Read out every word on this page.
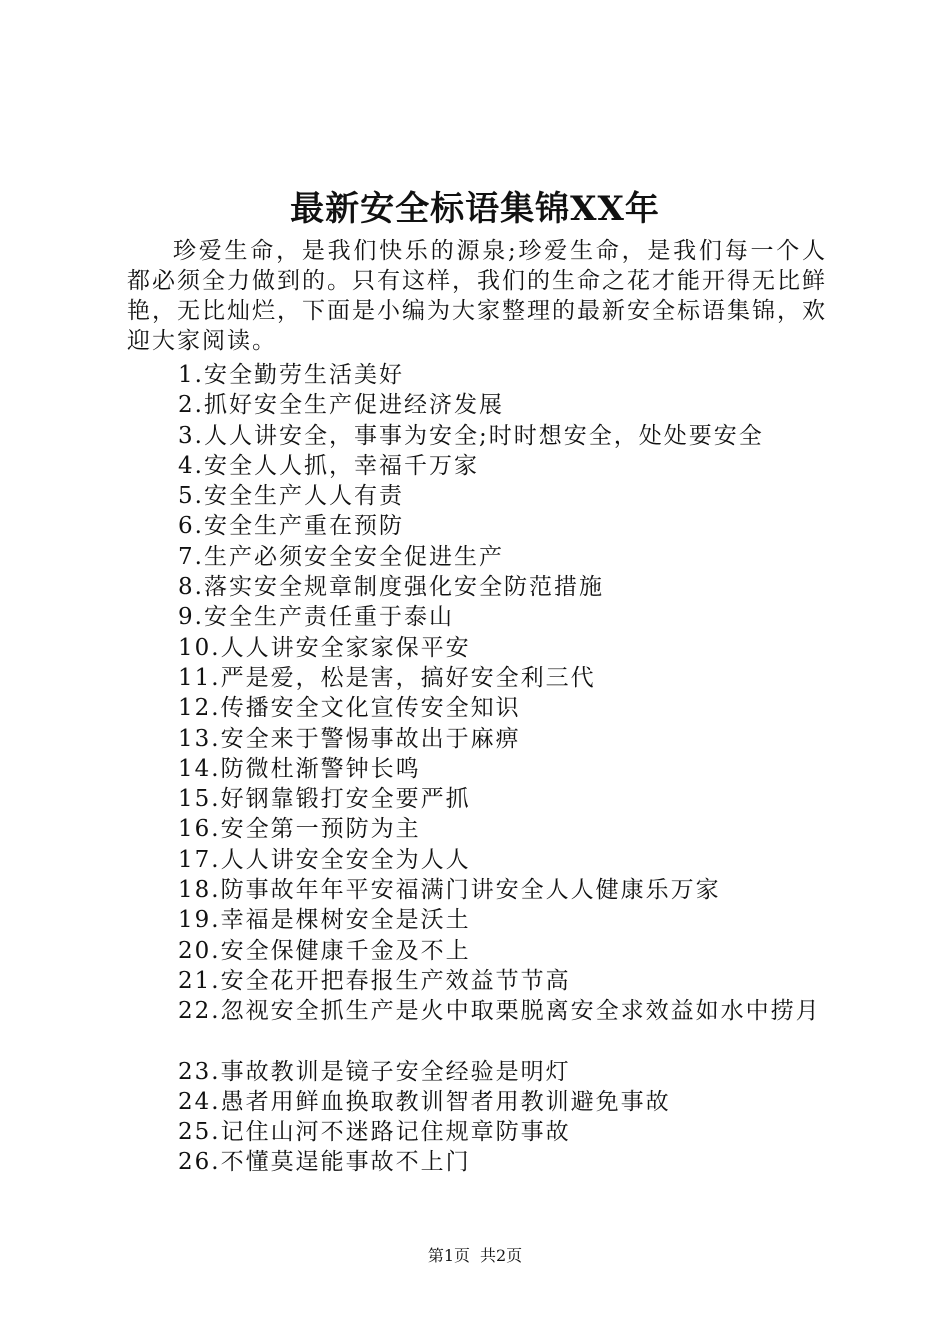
最新安全标语集锦XX年

珍爱生命，是我们快乐的源泉;珍爱生命，是我们每一个人都必须全力做到的。只有这样，我们的生命之花才能开得无比鲜艳，无比灿烂，下面是小编为大家整理的最新安全标语集锦，欢迎大家阅读。

1.安全勤劳生活美好
2.抓好安全生产促进经济发展
3.人人讲安全，事事为安全;时时想安全，处处要安全
4.安全人人抓，幸福千万家
5.安全生产人人有责
6.安全生产重在预防
7.生产必须安全安全促进生产
8.落实安全规章制度强化安全防范措施
9.安全生产责任重于泰山
10.人人讲安全家家保平安
11.严是爱，松是害，搞好安全利三代
12.传播安全文化宣传安全知识
13.安全来于警惕事故出于麻痹
14.防微杜渐警钟长鸣
15.好钢靠锻打安全要严抓
16.安全第一预防为主
17.人人讲安全安全为人人
18.防事故年年平安福满门讲安全人人健康乐万家
19.幸福是棵树安全是沃土
20.安全保健康千金及不上
21.安全花开把春报生产效益节节高
22.忽视安全抓生产是火中取栗脱离安全求效益如水中捞月
23.事故教训是镜子安全经验是明灯
24.愚者用鲜血换取教训智者用教训避免事故
25.记住山河不迷路记住规章防事故
26.不懂莫逞能事故不上门
第1页 共2页
